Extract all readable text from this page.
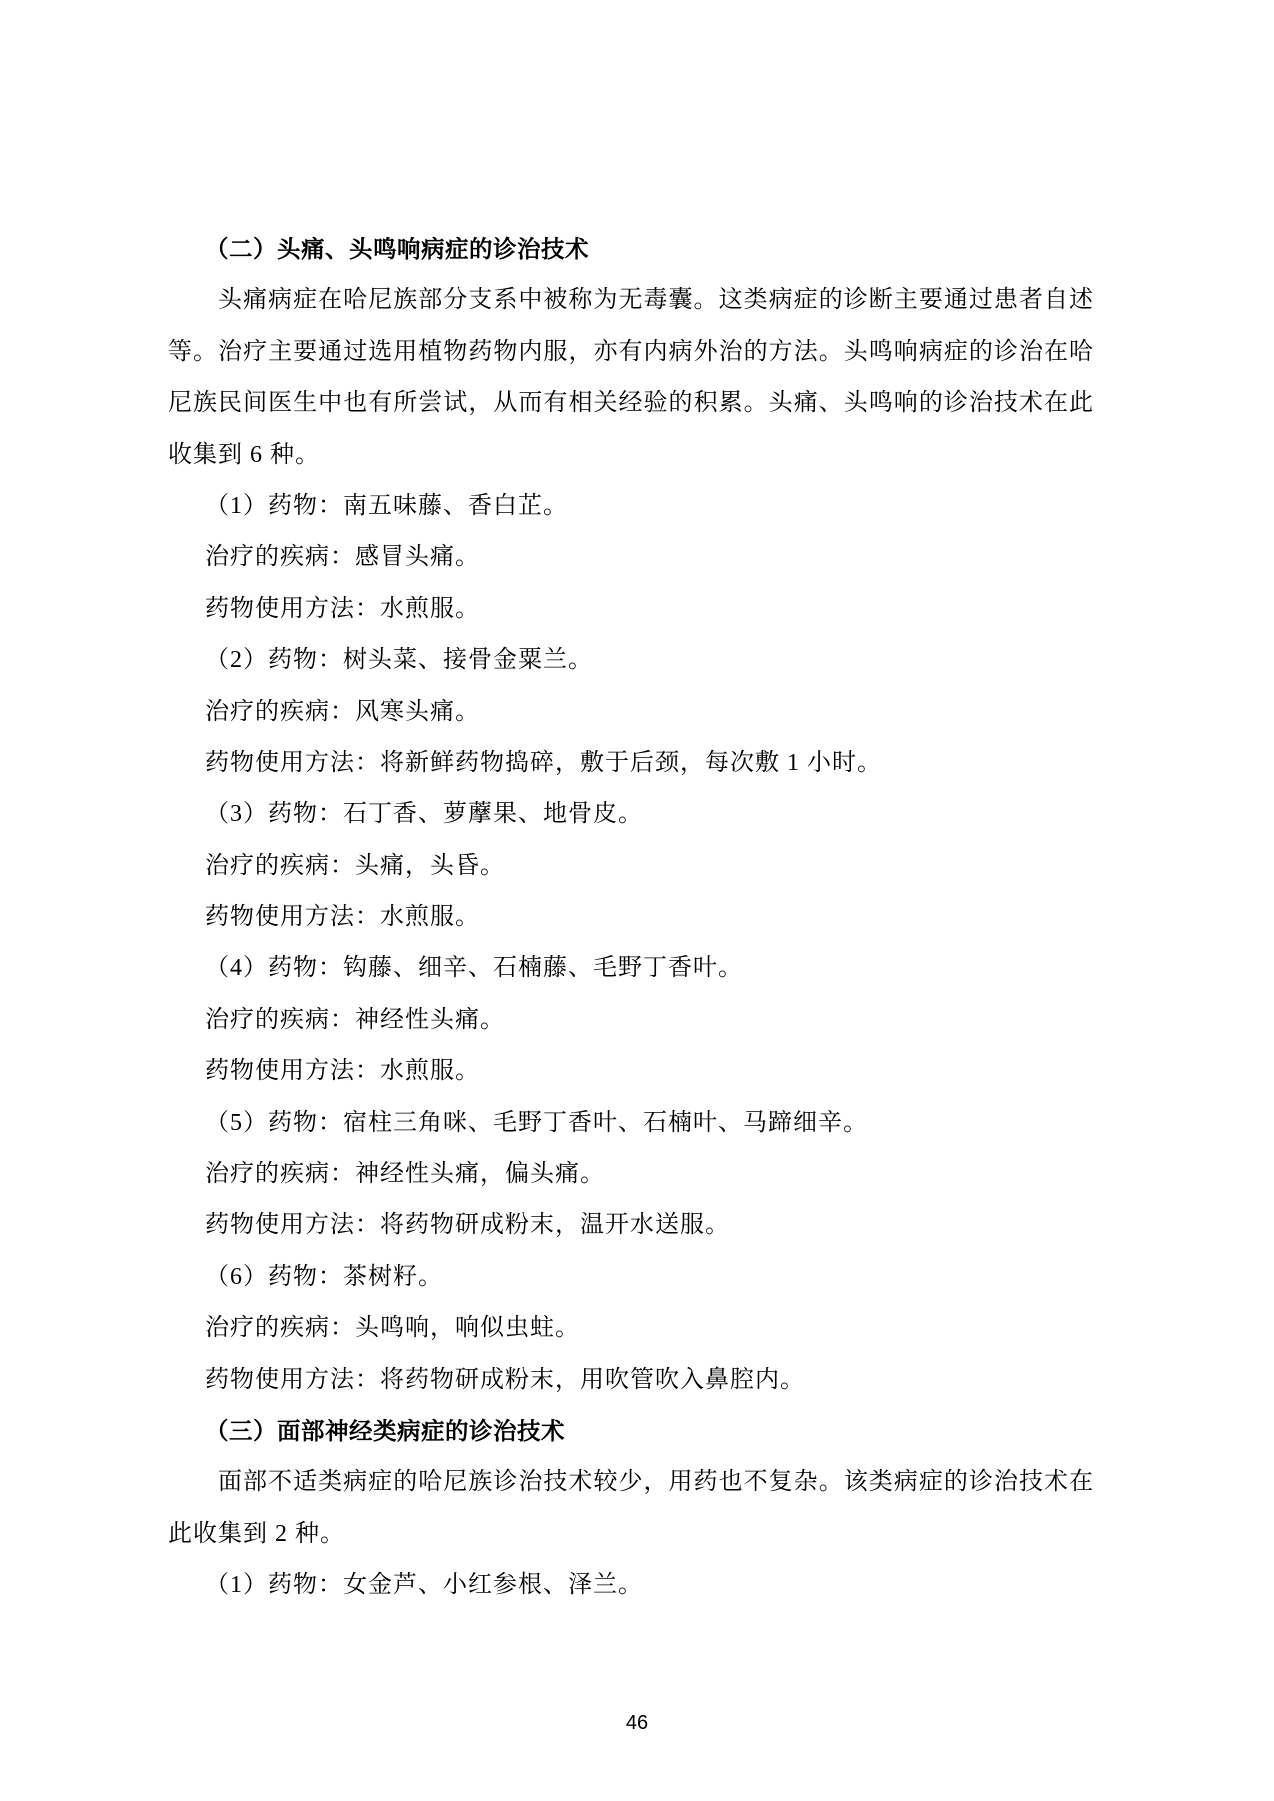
（二）头痛、头鸣响病症的诊治技术
头痛病症在哈尼族部分支系中被称为无毒囊。这类病症的诊断主要通过患者自述
等。治疗主要通过选用植物药物内服，亦有内病外治的方法。头鸣响病症的诊治在哈
尼族民间医生中也有所尝试，从而有相关经验的积累。头痛、头鸣响的诊治技术在此
收集到 6 种。
（1）药物：南五味藤、香白芷。
治疗的疾病：感冒头痛。
药物使用方法：水煎服。
（2）药物：树头菜、接骨金粟兰。
治疗的疾病：风寒头痛。
药物使用方法：将新鲜药物捣碎，敷于后颈，每次敷 1 小时。
（3）药物：石丁香、萝藦果、地骨皮。
治疗的疾病：头痛，头昏。
药物使用方法：水煎服。
（4）药物：钩藤、细辛、石楠藤、毛野丁香叶。
治疗的疾病：神经性头痛。
药物使用方法：水煎服。
（5）药物：宿柱三角咪、毛野丁香叶、石楠叶、马蹄细辛。
治疗的疾病：神经性头痛，偏头痛。
药物使用方法：将药物研成粉末，温开水送服。
（6）药物：茶树籽。
治疗的疾病：头鸣响，响似虫蛀。
药物使用方法：将药物研成粉末，用吹管吹入鼻腔内。
（三）面部神经类病症的诊治技术
面部不适类病症的哈尼族诊治技术较少，用药也不复杂。该类病症的诊治技术在
此收集到 2 种。
（1）药物：女金芦、小红参根、泽兰。
46
